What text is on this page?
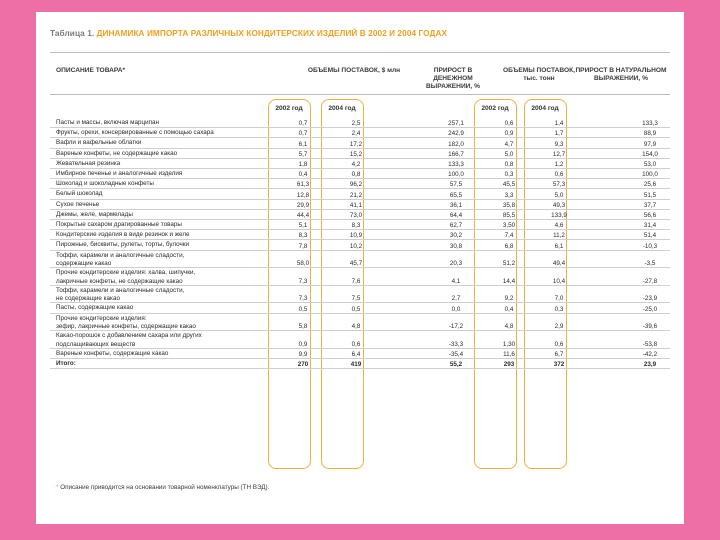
Таблица 1. ДИНАМИКА ИМПОРТА РАЗЛИЧНЫХ КОНДИТЕРСКИХ ИЗДЕЛИЙ В 2002 И 2004 ГОДАХ
ОПИСАНИЕ ТОВАРА*	ОБЪЕМЫ ПОСТАВОК, $ млн	ПРИРОСТ В ДЕНЕЖНОМ ВЫРАЖЕНИИ, %
ОБЪЕМЫ ПОСТАВОК, тыс. тонн
ПРИРОСТ В НАТУРАЛЬНОМ ВЫРАЖЕНИИ, %
2002 год	2004 год	2002 год	2004 год
Пасты и массы, включая марципан	0,7	2,5	257,1	0,6	1,4	133,3
Фрукты, орехи, консервированные с помощью сахара	0,7	2,4	242,9	0,9	1,7	88,9
Вафли и вафельные облатки	6,1	17,2	182,0	4,7	9,3	97,9
Вареные конфеты, не содержащие какао	5,7	15,2	166,7	5,0	12,7	154,0
Жевательная резинка	1,8	4,2	133,3	0,8	1,2	53,0
Имбирное печенье и аналогичные изделия	0,4	0,8	100,0	0,3	0,6	100,0
Шоколад и шоколадные конфеты	61,3	96,2	57,5	45,5	57,3	25,6
Белый шоколад	12,8	21,2	65,5	3,3	5,0	51,5
Сухое печенье	29,9	41,1	36,1	35,8	49,3	37,7
Джемы, желе, мармелады	44,4	73,0	64,4	85,5	133,9	56,6
Покрытые сахаром драгированные товары	5,1	8,3	62,7	3,50	4,6	31,4
Кондитерские изделия в виде резинок и желе	8,3	10,9	30,2	7,4	11,2	51,4
Пирожные, бисквиты, рулеты, торты, булочки	7,8	10,2	30,8	6,8	6,1	-10,3
Тоффи, карамели и аналогичные сладости,
содержащие какао	58,0	45,7	20,3	51,2	49,4	-3,5
Прочие кондитерские изделия: халва, шипучки,
лакричные конфеты, не содержащие какао	7,3	7,6	4,1	14,4	10,4	-27,8
Тоффи, карамели и аналогичные сладости,
не содержащие какао	7,3	7,5	2,7	9,2	7,0	-23,9
Пасты, содержащие какао	0,5	0,5	0,0	0,4	0,3	-25,0
Прочие кондитерские изделия:
зефир, лакричные конфеты, содержащие какао	5,8	4,8	-17,2	4,8	2,9	-39,6
Какао-порошок с добавлением сахара или других
подслащивающих веществ	0,9	0,6	-33,3	1,30	0,6	-53,8
Вареные конфеты, содержащие какао	9,9	6,4	-35,4	11,6	6,7	-42,2
Итого:	270	419	55,2	293	372	23,9
* Описание приводится на основании товарной номенклатуры (ТН ВЭД).
